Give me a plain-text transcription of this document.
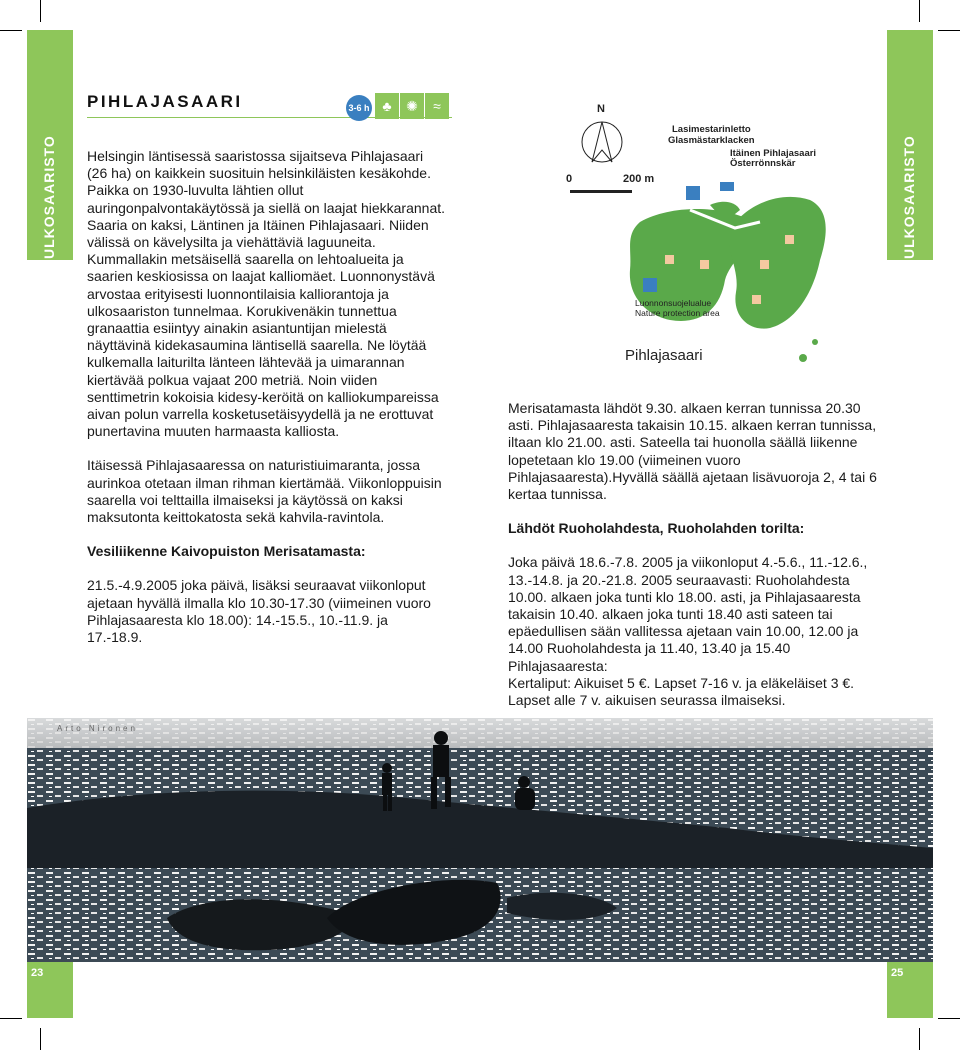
ULKOSAARISTO	ULKOSAARISTO
PIHLAJASAARI	3-6 h ♣	✺	≈

Helsingin läntisessä saaristossa sijaitseva Pihlajasaari (26 ha) on kaikkein suosituin helsinkiläisten kesäkohde. Paikka on 1930-luvulta lähtien ollut auringonpalvontakäytössä ja siellä on laajat hiekkarannat. Saaria on kaksi, Läntinen ja Itäinen Pihlajasaari. Niiden välissä on kävelysilta ja viehättäviä laguuneita. Kummallakin metsäisellä saarella on lehtoalueita ja saarien keskiosissa on laajat kalliomäet. Luonnonystävä arvostaa erityisesti luonnontilaisia kalliorantoja ja ulkosaariston tunnelmaa. Korukivenäkin tunnettua granaattia esiintyy ainakin asiantuntijan mielestä näyttävinä kidekasaumina läntisellä saarella. Ne löytää kulkemalla laiturilta länteen lähtevää ja uimarannan kiertävää polkua vajaat 200 metriä. Noin viiden senttimetrin kokoisia kidesy-keröitä on kalliokumpareissa aivan polun varrella kosketusetäisyydellä ja ne erottuvat punertavina muuten harmaasta kalliosta.

Itäisessä Pihlajasaaressa on naturistiuimaranta, jossa aurinkoa otetaan ilman rihman kiertämää. Viikonloppuisin saarella voi telttailla ilmaiseksi ja käytössä on kaksi maksutonta keittokatosta sekä kahvila-ravintola.

Vesiliikenne Kaivopuiston Merisatamasta:

21.5.-4.9.2005 joka päivä, lisäksi seuraavat viikonloput ajetaan hyvällä ilmalla klo 10.30-17.30 (viimeinen vuoro Pihlajasaaresta klo 18.00): 14.-15.5., 10.-11.9. ja 17.-18.9.

N
0	200 m
Lasimestarinletto
Glasmästarklacken
Itäinen Pihlajasaari
Österrönnskär
Luonnonsuojelualue
Nature protection area
Pihlajasaari

Merisatamasta lähdöt 9.30. alkaen kerran tunnissa 20.30 asti. Pihlajasaaresta takaisin 10.15. alkaen kerran tunnissa, iltaan klo 21.00. asti. Sateella tai huonolla säällä liikenne lopetetaan klo 19.00 (viimeinen vuoro Pihlajasaaresta).Hyvällä säällä ajetaan lisävuoroja 2, 4 tai 6 kertaa tunnissa.

Lähdöt Ruoholahdesta, Ruoholahden torilta:

Joka päivä 18.6.-7.8. 2005 ja viikonloput 4.-5.6., 11.-12.6., 13.-14.8. ja 20.-21.8. 2005 seuraavasti: Ruoholahdesta 10.00. alkaen joka tunti klo 18.00. asti, ja Pihlajasaaresta takaisin 10.40. alkaen joka tunti 18.40 asti sateen tai epäedullisen sään vallitessa ajetaan vain 10.00, 12.00 ja 14.00 Ruoholahdesta ja 11.40, 13.40 ja 15.40 Pihlajasaaresta:

Kertaliput: Aikuiset 5 €. Lapset 7-16 v. ja eläkeläiset 3 €. Lapset alle 7 v. aikuisen seurassa ilmaiseksi.

Arto Nironen
23	25
